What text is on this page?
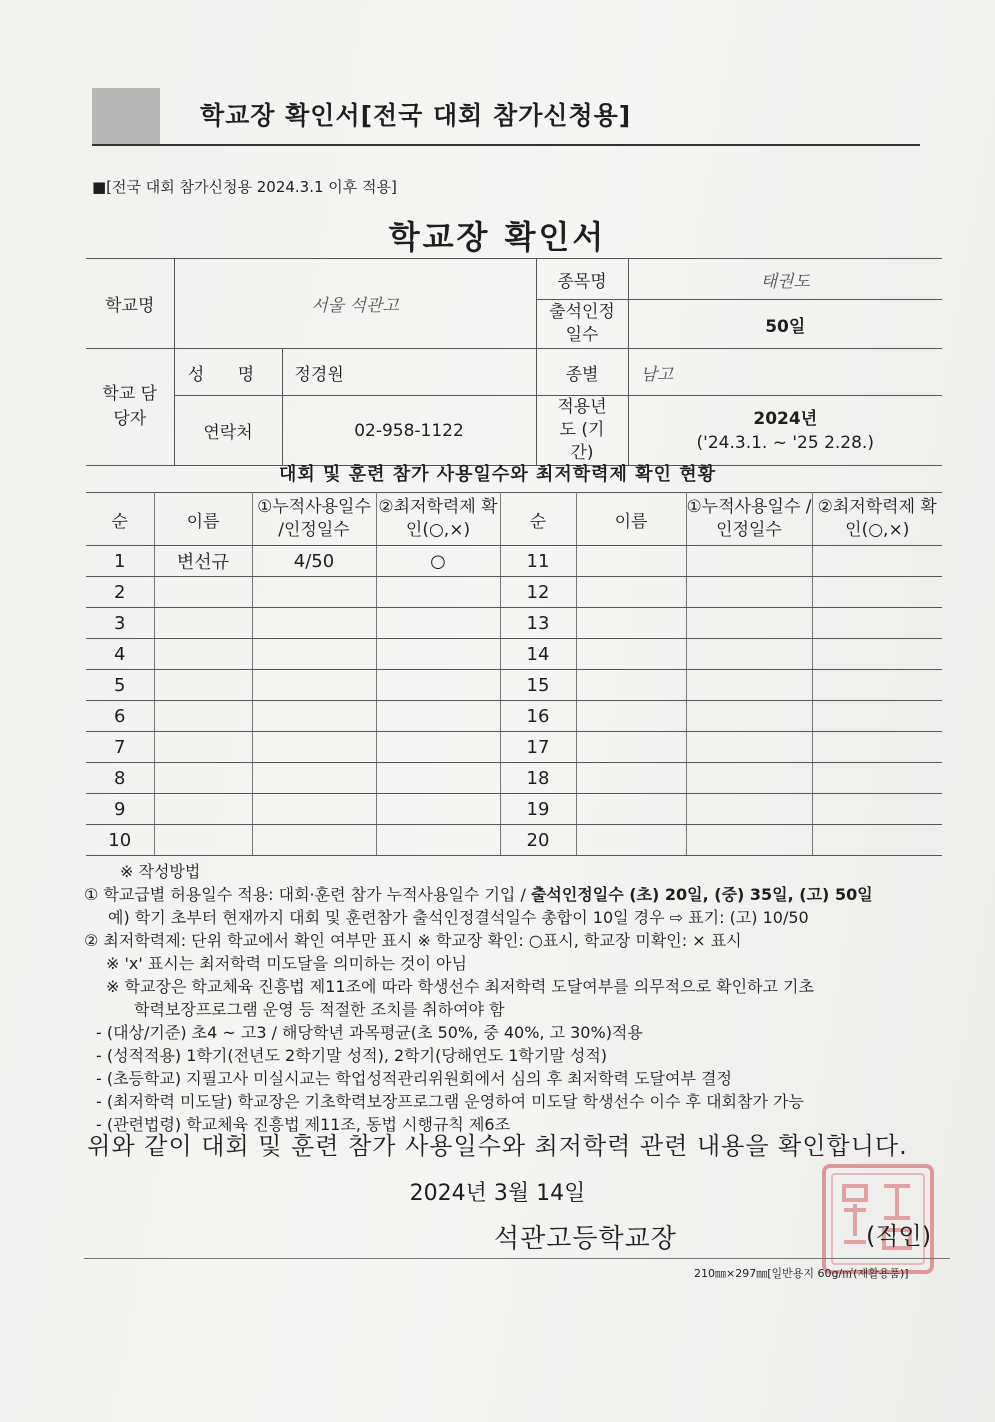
학교장 확인서[전국 대회 참가신청용]
■[전국 대회 참가신청용 2024.3.1 이후 적용]
학교장 확인서
학교명	서울 석관고		종목명	태권도
			출석인정 일수	50일
학교 담당자	성 명	정경원	종별	남고
	연락처	02-958-1122	적용년도 (기간)	2024년
('24.3.1. ~ '25 2.28.)
대회 및 훈련 참가 사용일수와 최저학력제 확인 현황
순	이름	①누적사용일수 /인정일수	②최저학력제 확인(○,×)	순	이름	①누적사용일수 /인정일수	②최저학력제 확인(○,×)
1	변선규	4/50	○	11			
2				12			
3				13			
4				14			
5				15			
6				16			
7				17			
8				18			
9				19			
10				20			
※ 작성방법
① 학교급별 허용일수 적용: 대회·훈련 참가 누적사용일수 기입 / 출석인정일수 (초) 20일, (중) 35일, (고) 50일
예) 학기 초부터 현재까지 대회 및 훈련참가 출석인정결석일수 총합이 10일 경우 ⇨ 표기: (고) 10/50
② 최저학력제: 단위 학교에서 확인 여부만 표시 ※ 학교장 확인: ○표시, 학교장 미확인: × 표시
※ 'x' 표시는 최저학력 미도달을 의미하는 것이 아님
※ 학교장은 학교체육 진흥법 제11조에 따라 학생선수 최저학력 도달여부를 의무적으로 확인하고 기초
학력보장프로그램 운영 등 적절한 조치를 취하여야 함
- (대상/기준) 초4 ~ 고3 / 해당학년 과목평균(초 50%, 중 40%, 고 30%)적용
- (성적적용) 1학기(전년도 2학기말 성적), 2학기(당해연도 1학기말 성적)
- (초등학교) 지필고사 미실시교는 학업성적관리위원회에서 심의 후 최저학력 도달여부 결정
- (최저학력 미도달) 학교장은 기초학력보장프로그램 운영하여 미도달 학생선수 이수 후 대회참가 가능
- (관련법령) 학교체육 진흥법 제11조, 동법 시행규칙 제6조
위와 같이 대회 및 훈련 참가 사용일수와 최저학력 관련 내용을 확인합니다.
2024년 3월 14일
석관고등학교장	(직인)
210㎜×297㎜[일반용지 60g/㎡(재활용품)]
